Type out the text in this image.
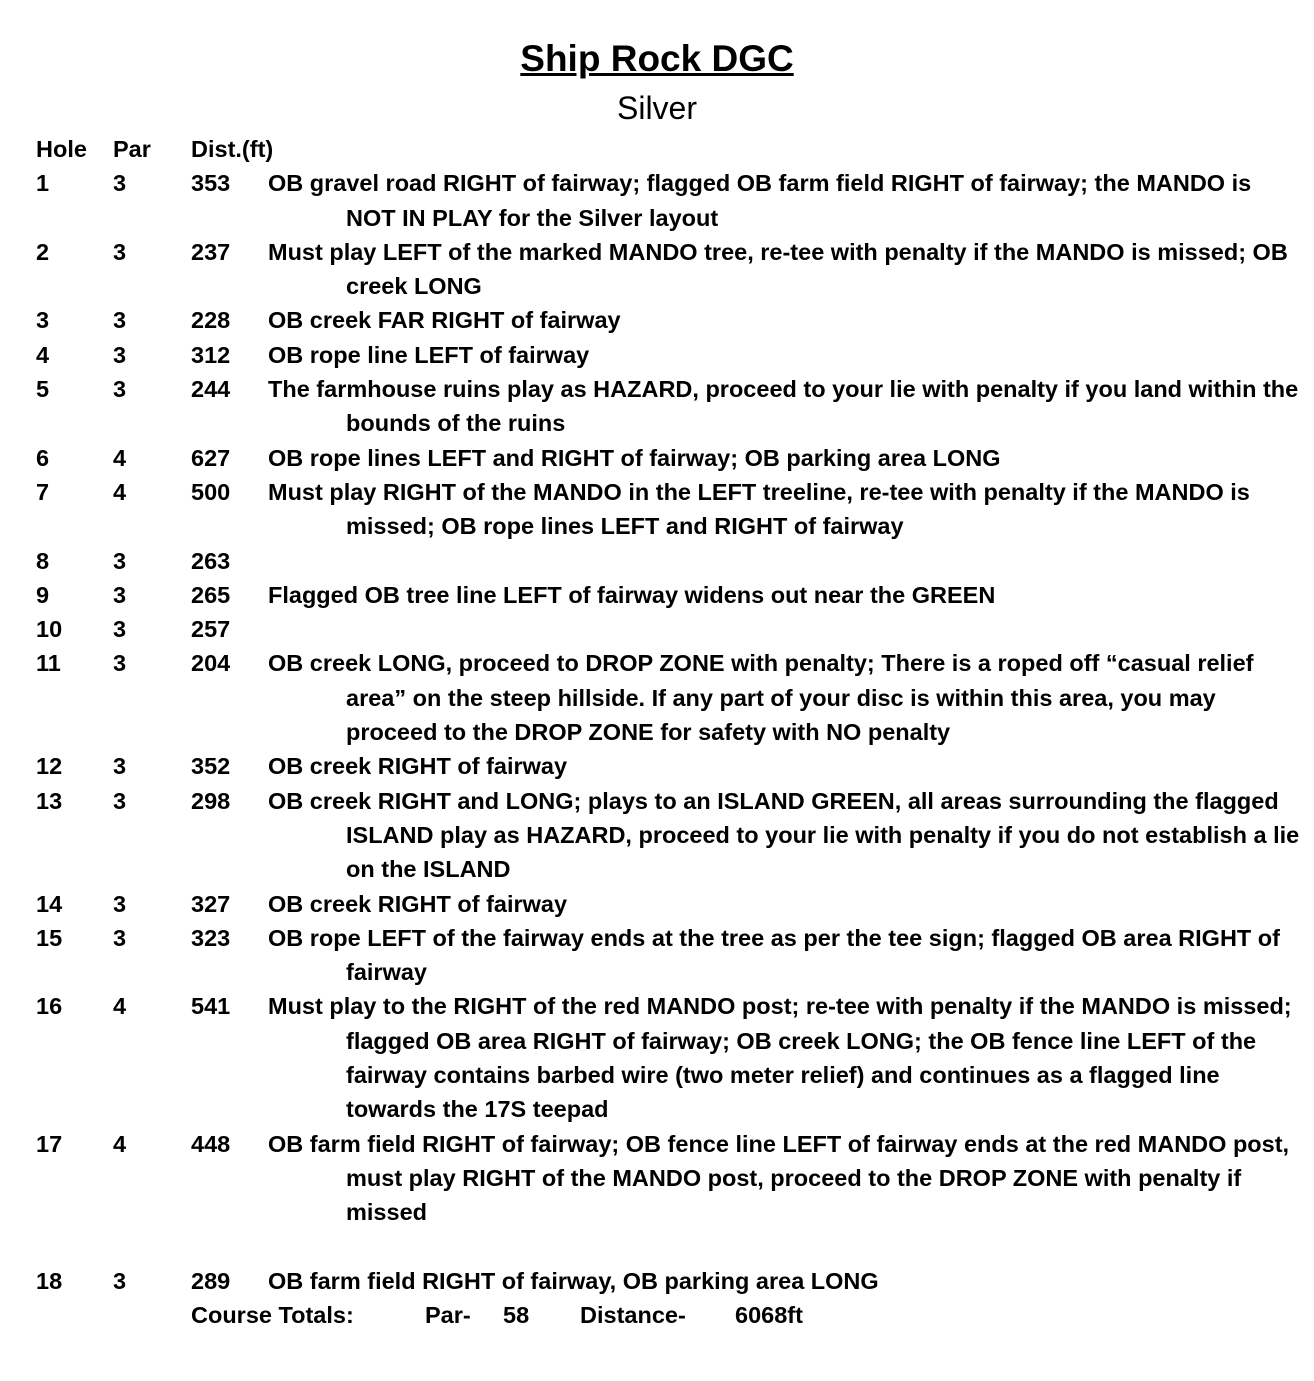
Ship Rock DGC
Silver
Hole Par Dist.(ft)
1	3	353 OB gravel road RIGHT of fairway; flagged OB farm field RIGHT of fairway; the MANDO is NOT IN PLAY for the Silver layout
2	3	237 Must play LEFT of the marked MANDO tree, re-tee with penalty if the MANDO is missed; OB creek LONG
3	3	228 OB creek FAR RIGHT of fairway
4	3	312 OB rope line LEFT of fairway
5	3	244 The farmhouse ruins play as HAZARD, proceed to your lie with penalty if you land within the bounds of the ruins
6	4	627 OB rope lines LEFT and RIGHT of fairway; OB parking area LONG
7	4	500 Must play RIGHT of the MANDO in the LEFT treeline, re-tee with penalty if the MANDO is missed; OB rope lines LEFT and RIGHT of fairway
8	3	263
9	3	265 Flagged OB tree line LEFT of fairway widens out near the GREEN
10 3	257
11 3	204 OB creek LONG, proceed to DROP ZONE with penalty; There is a roped off “casual relief area” on the steep hillside. If any part of your disc is within this area, you may proceed to the DROP ZONE for safety with NO penalty
12 3	352 OB creek RIGHT of fairway
13 3	298 OB creek RIGHT and LONG; plays to an ISLAND GREEN, all areas surrounding the flagged ISLAND play as HAZARD, proceed to your lie with penalty if you do not establish a lie on the ISLAND
14 3	327 OB creek RIGHT of fairway
15 3	323 OB rope LEFT of the fairway ends at the tree as per the tee sign; flagged OB area RIGHT of fairway
16 4	541 Must play to the RIGHT of the red MANDO post; re-tee with penalty if the MANDO is missed; flagged OB area RIGHT of fairway; OB creek LONG; the OB fence line LEFT of the fairway contains barbed wire (two meter relief) and continues as a flagged line towards the 17S teepad
17 4	448 OB farm field RIGHT of fairway; OB fence line LEFT of fairway ends at the red MANDO post, must play RIGHT of the MANDO post, proceed to the DROP ZONE with penalty if missed
18 3	289 OB farm field RIGHT of fairway, OB parking area LONG
Course Totals:	Par- 58 Distance- 6068ft
